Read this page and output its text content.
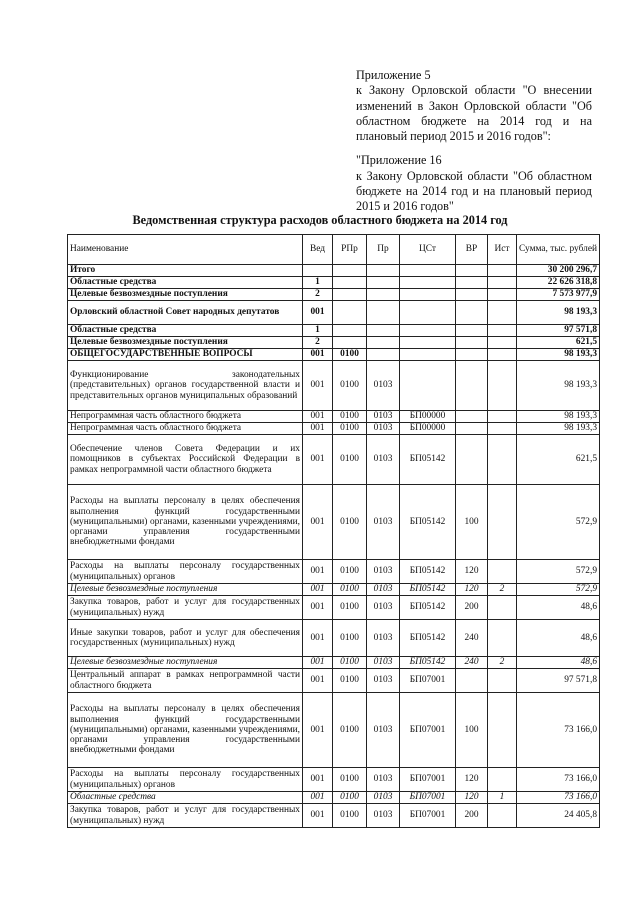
Приложение 5

к Закону Орловской области "О внесении изменений в Закон Орловской области "Об областном бюджете на 2014 год и на плановый период 2015 и 2016 годов":

"Приложение 16

к Закону Орловской области "Об областном бюджете на 2014 год и на плановый период 2015 и 2016 годов"

Ведомственная структура расходов областного бюджета на 2014 год
Наименование	Вед	РПр	Пр	ЦСт	ВР	Ист	Сумма, тыс. рублей
Итого							30 200 296,7
Областные средства	1						22 626 318,8
Целевые безвозмездные поступления	2						7 573 977,9
Орловский областной Совет народных депутатов	001						98 193,3
Областные средства	1						97 571,8
Целевые безвозмездные поступления	2						621,5
ОБЩЕГОСУДАРСТВЕННЫЕ ВОПРОСЫ	001	0100					98 193,3
Функционирование законодательных (представительных) органов государственной власти и представительных органов муниципальных образований	001	0100	0103				98 193,3
Непрограммная часть областного бюджета	001	0100	0103	БП00000			98 193,3
Непрограммная часть областного бюджета	001	0100	0103	БП00000			98 193,3
Обеспечение членов Совета Федерации и их помощников в субъектах Российской Федерации в рамках непрограммной части областного бюджета	001	0100	0103	БП05142			621,5
Расходы на выплаты персоналу в целях обеспечения выполнения функций государственными (муниципальными) органами, казенными учреждениями, органами управления государственными внебюджетными фондами	001	0100	0103	БП05142	100		572,9
Расходы на выплаты персоналу государственных (муниципальных) органов	001	0100	0103	БП05142	120		572,9
Целевые безвозмездные поступления	001	0100	0103	БП05142	120	2	572,9
Закупка товаров, работ и услуг для государственных (муниципальных) нужд	001	0100	0103	БП05142	200		48,6
Иные закупки товаров, работ и услуг для обеспечения государственных (муниципальных) нужд	001	0100	0103	БП05142	240		48,6
Целевые безвозмездные поступления	001	0100	0103	БП05142	240	2	48,6
Центральный аппарат в рамках непрограммной части областного бюджета	001	0100	0103	БП07001			97 571,8
Расходы на выплаты персоналу в целях обеспечения выполнения функций государственными (муниципальными) органами, казенными учреждениями, органами управления государственными внебюджетными фондами	001	0100	0103	БП07001	100		73 166,0
Расходы на выплаты персоналу государственных (муниципальных) органов	001	0100	0103	БП07001	120		73 166,0
Областные средства	001	0100	0103	БП07001	120	1	73 166,0
Закупка товаров, работ и услуг для государственных (муниципальных) нужд	001	0100	0103	БП07001	200		24 405,8
